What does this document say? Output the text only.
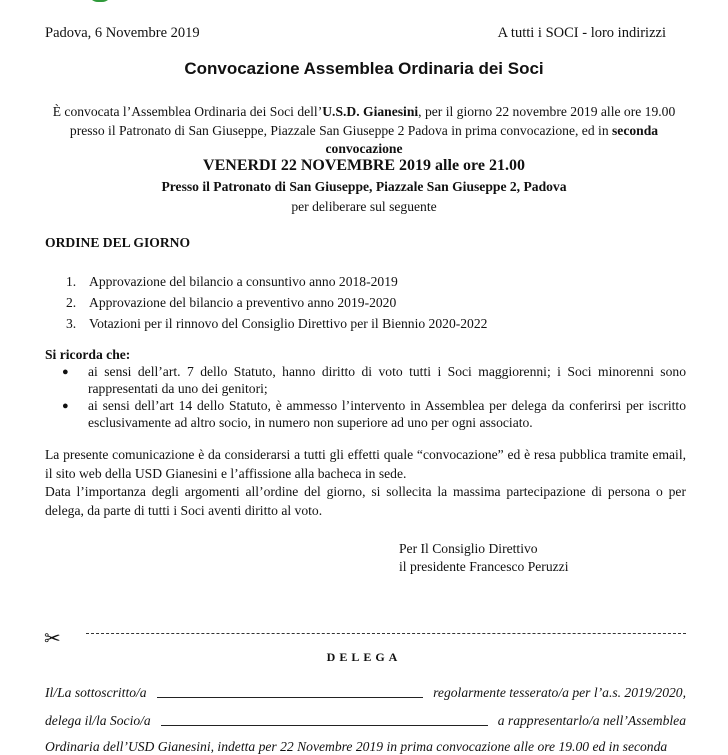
Padova, 6 Novembre 2019	A tutti i SOCI - loro indirizzi
Convocazione Assemblea Ordinaria dei Soci
È convocata l’Assemblea Ordinaria dei Soci dell’U.S.D. Gianesini, per il giorno 22 novembre 2019 alle ore 19.00 presso il Patronato di San Giuseppe, Piazzale San Giuseppe 2 Padova in prima convocazione, ed in seconda convocazione
VENERDI 22 NOVEMBRE 2019 alle ore 21.00
Presso il Patronato di San Giuseppe, Piazzale San Giuseppe 2, Padova
per deliberare sul seguente
ORDINE DEL GIORNO
1. Approvazione del bilancio a consuntivo anno 2018-2019
2. Approvazione del bilancio a preventivo anno 2019-2020
3. Votazioni per il rinnovo del Consiglio Direttivo per il Biennio 2020-2022
Si ricorda che:
●	ai sensi dell’art. 7 dello Statuto, hanno diritto di voto tutti i Soci maggiorenni; i Soci minorenni sono rappresentati da uno dei genitori;
●	ai sensi dell’art 14 dello Statuto, è ammesso l’intervento in Assemblea per delega da conferirsi per iscritto esclusivamente ad altro socio, in numero non superiore ad uno per ogni associato.
La presente comunicazione è da considerarsi a tutti gli effetti quale “convocazione” ed è resa pubblica tramite email, il sito web della USD Gianesini e l’affissione alla bacheca in sede.
Data l’importanza degli argomenti all’ordine del giorno, si sollecita la massima partecipazione di persona o per delega, da parte di tutti i Soci aventi diritto al voto.
Per Il Consiglio Direttivo
il presidente Francesco Peruzzi
✂
DELEGA
Il/La sottoscritto/a	regolarmente tesserato/a per l’a.s. 2019/2020,
delega il/la Socio/a	a rappresentarlo/a nell’Assemblea
Ordinaria dell’USD Gianesini, indetta per 22 Novembre 2019 in prima convocazione alle ore 19.00 ed in seconda
